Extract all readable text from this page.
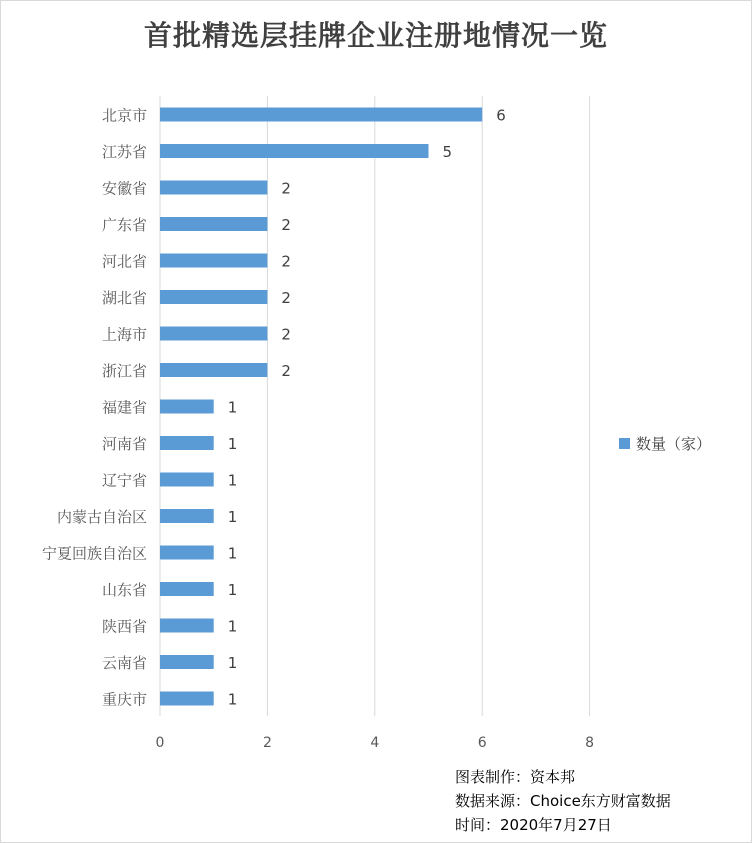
首批精选层挂牌企业注册地情况一览
0	2	4	6	8
北京市	6
江苏省	5
安徽省	2
广东省	2
河北省	2
湖北省	2
上海市	2
浙江省	2
福建省	1
河南省	1
辽宁省	1
内蒙古自治区	1
宁夏回族自治区	1
山东省	1
陕西省	1
云南省	1
重庆市	1
数量（家）
图表制作：资本邦
数据来源：Choice东方财富数据
时间：2020年7月27日
